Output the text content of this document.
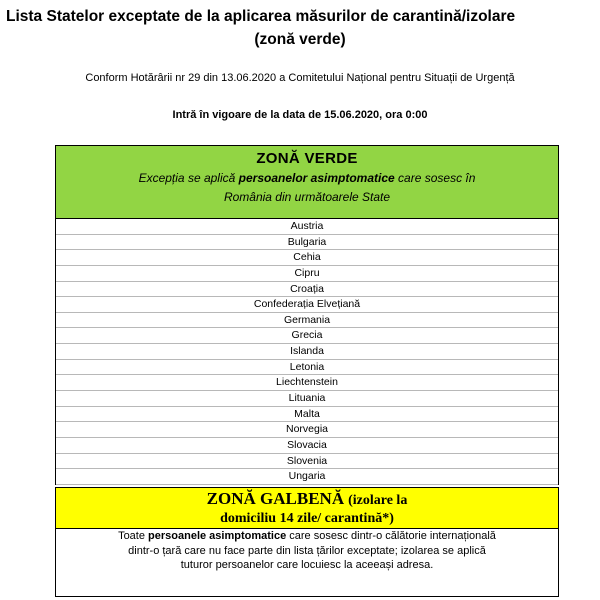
Lista Statelor exceptate de la aplicarea măsurilor de carantină/izolare
(zonă verde)
Conform Hotărârii nr 29 din 13.06.2020 a Comitetului Național pentru Situații de Urgență
Intră în vigoare de la data de 15.06.2020, ora 0:00
ZONĂ VERDE
Excepția se aplică persoanelor asimptomatice care sosesc în
România din următoarele State
Austria
Bulgaria
Cehia
Cipru
Croația
Confederația Elvețiană
Germania
Grecia
Islanda
Letonia
Liechtenstein
Lituania
Malta
Norvegia
Slovacia
Slovenia
Ungaria
ZONĂ GALBENĂ (izolare la
domiciliu 14 zile/ carantină*)
Toate persoanele asimptomatice care sosesc dintr-o călătorie internațională
dintr-o țară care nu face parte din lista țărilor exceptate; izolarea se aplică
tuturor persoanelor care locuiesc la aceeași adresa.
